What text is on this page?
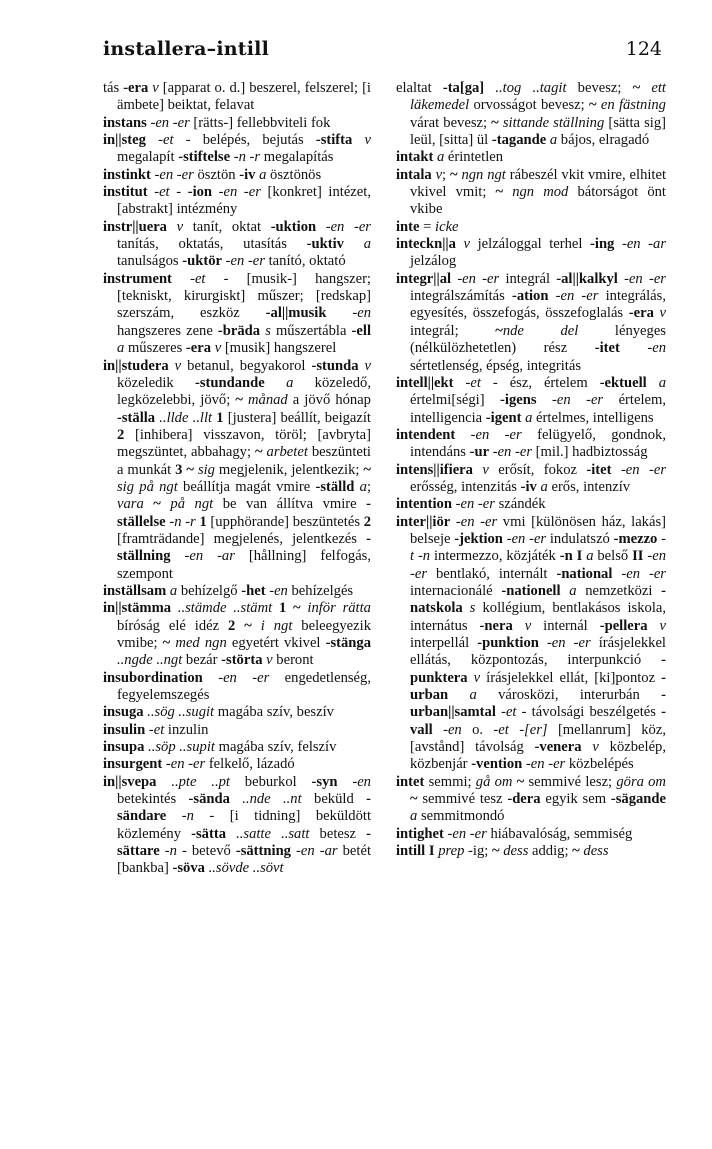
installera–intill	124

tás -era v [apparat o. d.] beszerel, felszerel; [i ämbete] beiktat, felavat

instans -en -er [rätts-] fellebbviteli fok

in||steg -et - belépés, bejutás -stifta v megalapít -stiftelse -n -r megalapítás

instinkt -en -er ösztön -iv a ösztönös

institut -et - -ion -en -er [konkret] intézet, [abstrakt] intézmény

instr||uera v tanít, oktat -uktion -en -er tanítás, oktatás, utasítás -uktiv a tanulságos -uktör -en -er tanító, oktató

instrument -et - [musik-] hangszer; [tekniskt, kirurgiskt] műszer; [redskap] szerszám, eszköz -al||musik -en hangszeres zene -bräda s műszertábla -ell a műszeres -era v [musik] hangszerel

in||studera v betanul, begyakorol -stunda v közeledik -stundande a közeledő, legközelebbi, jövő; ~ månad a jövő hónap -ställa ..llde ..llt 1 [justera] beállít, beigazít 2 [inhibera] visszavon, töröl; [avbryta] megszüntet, abbahagy; ~ arbetet beszünteti a munkát 3 ~ sig megjelenik, jelentkezik; ~ sig på ngt beállítja magát vmire -ställd a; vara ~ på ngt be van állítva vmire -ställelse -n -r 1 [upphörande] beszüntetés 2 [framträdande] megjelenés, jelentkezés -ställning -en -ar [hållning] felfogás, szempont

inställsam a behízelgő -het -en behízelgés

in||stämma ..stämde ..stämt 1 ~ inför rätta bíróság elé idéz 2 ~ i ngt beleegyezik vmibe; ~ med ngn egyetért vkivel -stänga ..ngde ..ngt bezár -störta v beront

insubordination -en -er engedetlenség, fegyelemszegés

insuga ..sög ..sugit magába szív, beszív

insulin -et inzulin

insupa ..söp ..supit magába szív, felszív

insurgent -en -er felkelő, lázadó

in||svepa ..pte ..pt beburkol -syn -en betekintés -sända ..nde ..nt beküld -sändare -n - [i tidning] beküldött közlemény -sätta ..satte ..satt betesz -sättare -n - betevő -sättning -en -ar betét [bankba] -söva ..sövde ..sövt

elaltat -ta[ga] ..tog ..tagit bevesz; ~ ett läkemedel orvosságot bevesz; ~ en fästning várat bevesz; ~ sittande ställning [sätta sig] leül, [sitta] ül -tagande a bájos, elragadó

intakt a érintetlen

intala v; ~ ngn ngt rábeszél vkit vmire, elhitet vkivel vmit; ~ ngn mod bátorságot önt vkibe

inte = icke

inteckn||a v jelzáloggal terhel -ing -en -ar jelzálog

integr||al -en -er integrál -al||kalkyl -en -er integrálszámítás -ation -en -er integrálás, egyesítés, összefogás, összefoglalás -era v integrál; ~nde del lényeges (nélkülözhetetlen) rész -itet -en sértetlenség, épség, integritás

intell||ekt -et - ész, értelem -ektuell a értelmi[ségi] -igens -en -er értelem, intelligencia -igent a értelmes, intelligens

intendent -en -er felügyelő, gondnok, intendáns -ur -en -er [mil.] hadbiztosság

intens||ifiera v erősít, fokoz -itet -en -er erősség, intenzitás -iv a erős, intenzív

intention -en -er szándék

inter||iör -en -er vmi [különösen ház, lakás] belseje -jektion -en -er indulatszó -mezzo -t -n intermezzo, közjáték -n I a belső II -en -er bentlakó, internált -national -en -er internacionálé -nationell a nemzetközi -natskola s kollégium, bentlakásos iskola, internátus -nera v internál -pellera v interpellál -punktion -en -er írásjelekkel ellátás, központozás, interpunkció -punktera v írásjelekkel ellát, [ki]pontoz -urban a városközi, interurbán -urban||samtal -et - távolsági beszélgetés -vall -en o. -et -[er] [mellanrum] köz, [avstånd] távolság -venera v közbelép, közbenjár -vention -en -er közbelépés

intet semmi; gå om ~ semmivé lesz; göra om ~ semmivé tesz -dera egyik sem -sägande a semmitmondó

intighet -en -er hiábavalóság, semmiség

intill I prep -ig; ~ dess addig; ~ dess
